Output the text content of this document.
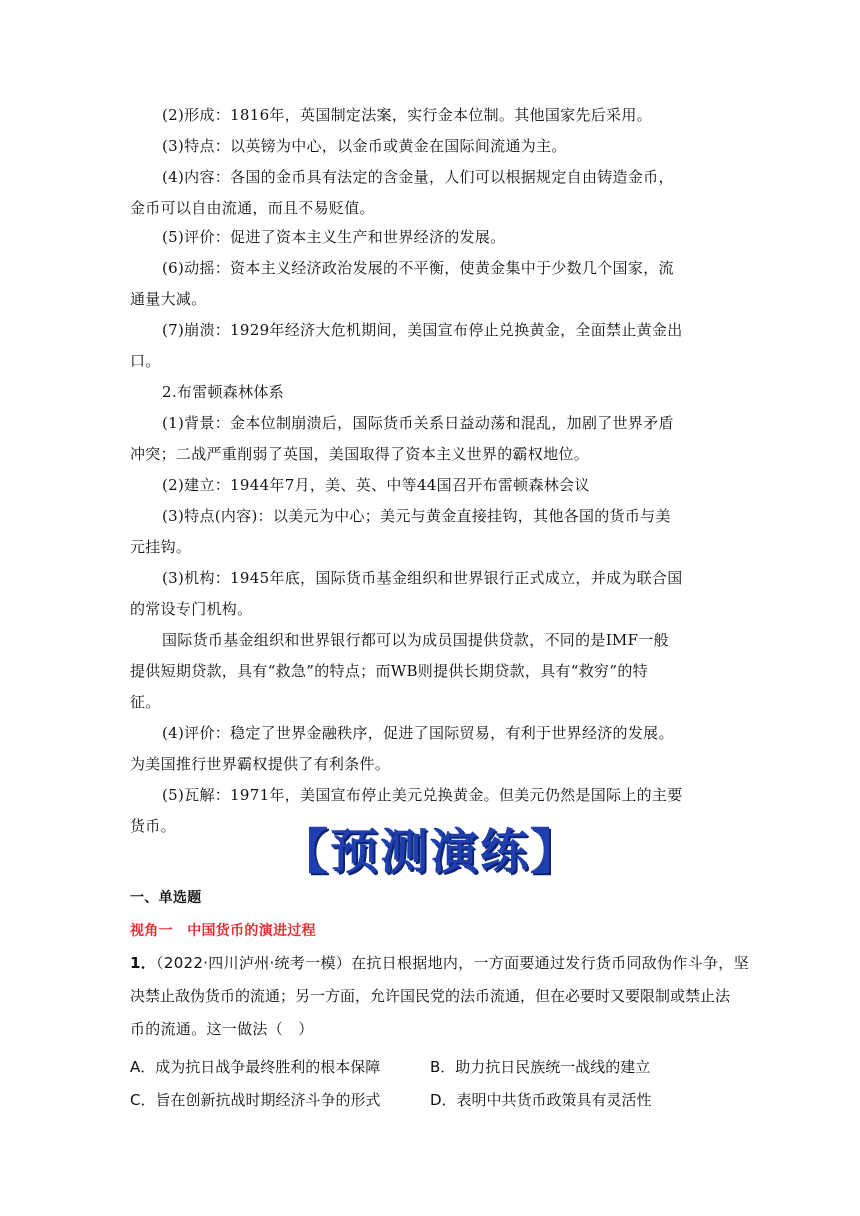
(2)形成：1816年，英国制定法案，实行金本位制。其他国家先后采用。
(3)特点：以英镑为中心，以金币或黄金在国际间流通为主。
(4)内容：各国的金币具有法定的含金量，人们可以根据规定自由铸造金币，
金币可以自由流通，而且不易贬值。
(5)评价：促进了资本主义生产和世界经济的发展。
(6)动摇：资本主义经济政治发展的不平衡，使黄金集中于少数几个国家，流
通量大减。
(7)崩溃：1929年经济大危机期间，美国宣布停止兑换黄金，全面禁止黄金出
口。
2.布雷顿森林体系
(1)背景：金本位制崩溃后，国际货币关系日益动荡和混乱，加剧了世界矛盾
冲突；二战严重削弱了英国，美国取得了资本主义世界的霸权地位。
(2)建立：1944年7月，美、英、中等44国召开布雷顿森林会议
(3)特点(内容)：以美元为中心；美元与黄金直接挂钩，其他各国的货币与美
元挂钩。
(3)机构：1945年底，国际货币基金组织和世界银行正式成立，并成为联合国
的常设专门机构。
国际货币基金组织和世界银行都可以为成员国提供贷款，不同的是IMF一般
提供短期贷款，具有“救急”的特点；而WB则提供长期贷款，具有“救穷”的特
征。
(4)评价：稳定了世界金融秩序，促进了国际贸易，有利于世界经济的发展。
为美国推行世界霸权提供了有利条件。
(5)瓦解：1971年，美国宣布停止美元兑换黄金。但美元仍然是国际上的主要
货币。	【预测演练】
一、单选题
视角一　中国货币的演进过程
1．（2022·四川泸州·统考一模）在抗日根据地内，一方面要通过发行货币同敌伪作斗争，坚
决禁止敌伪货币的流通；另一方面，允许国民党的法币流通，但在必要时又要限制或禁止法
币的流通。这一做法（　）
A．成为抗日战争最终胜利的根本保障	B．助力抗日民族统一战线的建立
C．旨在创新抗战时期经济斗争的形式	D．表明中共货币政策具有灵活性
